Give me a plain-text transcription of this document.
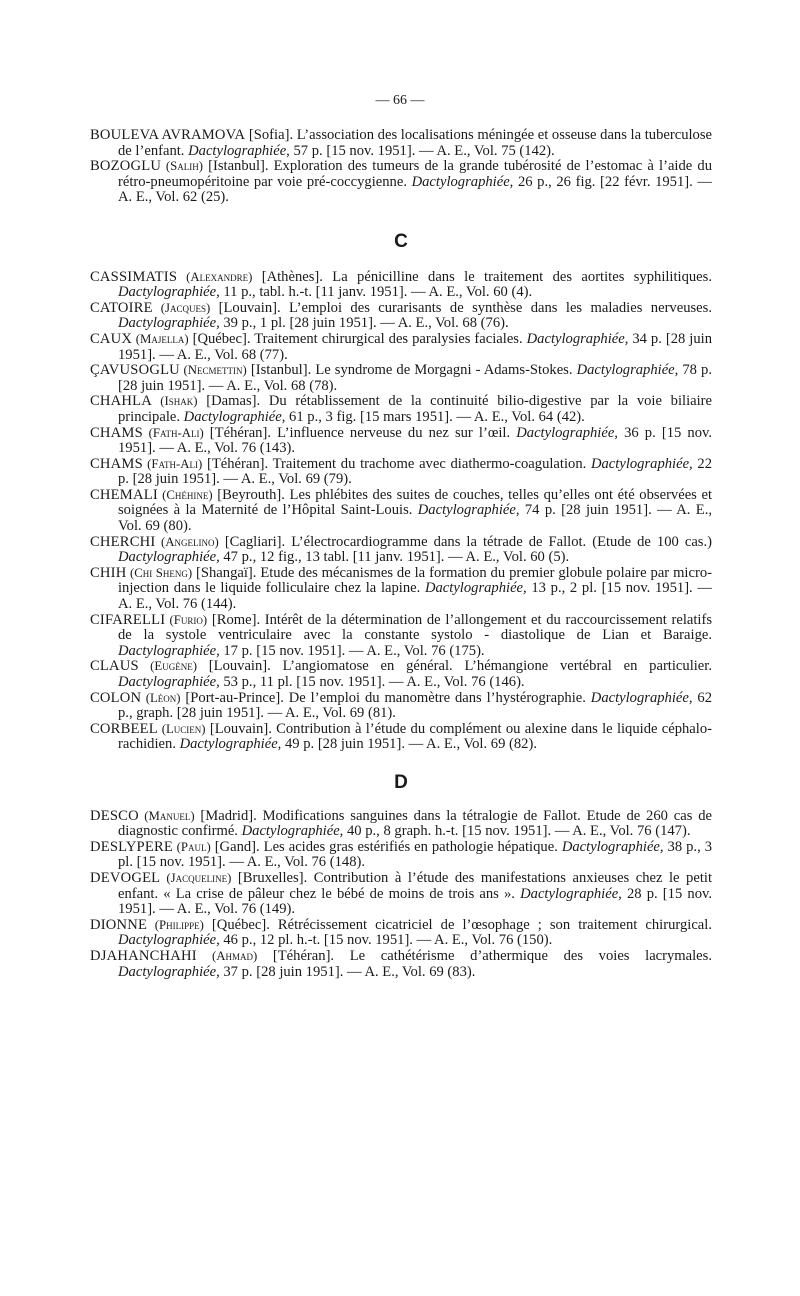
— 66 —

BOULEVA AVRAMOVA [Sofia]. L’association des localisations méningée et osseuse dans la tuberculose de l’enfant. Dactylographiée, 57 p. [15 nov. 1951]. — A. E., Vol. 75 (142).

BOZOGLU (Salih) [Istanbul]. Exploration des tumeurs de la grande tubérosité de l’estomac à l’aide du rétro-pneumopéritoine par voie pré-coccygienne. Dactylographiée, 26 p., 26 fig. [22 févr. 1951]. — A. E., Vol. 62 (25).

C

CASSIMATIS (Alexandre) [Athènes]. La pénicilline dans le traitement des aortites syphilitiques. Dactylographiée, 11 p., tabl. h.-t. [11 janv. 1951]. — A. E., Vol. 60 (4).

CATOIRE (Jacques) [Louvain]. L’emploi des curarisants de synthèse dans les maladies nerveuses. Dactylographiée, 39 p., 1 pl. [28 juin 1951]. — A. E., Vol. 68 (76).

CAUX (Majella) [Québec]. Traitement chirurgical des paralysies faciales. Dactylographiée, 34 p. [28 juin 1951]. — A. E., Vol. 68 (77).

ÇAVUSOGLU (Necmettin) [Istanbul]. Le syndrome de Morgagni - Adams-Stokes. Dactylographiée, 78 p. [28 juin 1951]. — A. E., Vol. 68 (78).

CHAHLA (Ishak) [Damas]. Du rétablissement de la continuité bilio-digestive par la voie biliaire principale. Dactylographiée, 61 p., 3 fig. [15 mars 1951]. — A. E., Vol. 64 (42).

CHAMS (Fath-Ali) [Téhéran]. L’influence nerveuse du nez sur l’œil. Dactylographiée, 36 p. [15 nov. 1951]. — A. E., Vol. 76 (143).

CHAMS (Fath-Ali) [Téhéran]. Traitement du trachome avec diathermo-coagulation. Dactylographiée, 22 p. [28 juin 1951]. — A. E., Vol. 69 (79).

CHEMALI (Chéhine) [Beyrouth]. Les phlébites des suites de couches, telles qu’elles ont été observées et soignées à la Maternité de l’Hôpital Saint-Louis. Dactylographiée, 74 p. [28 juin 1951]. — A. E., Vol. 69 (80).

CHERCHI (Angelino) [Cagliari]. L’électrocardiogramme dans la tétrade de Fallot. (Etude de 100 cas.) Dactylographiée, 47 p., 12 fig., 13 tabl. [11 janv. 1951]. — A. E., Vol. 60 (5).

CHIH (Chi Sheng) [Shangaï]. Etude des mécanismes de la formation du premier globule polaire par micro-injection dans le liquide folliculaire chez la lapine. Dactylographiée, 13 p., 2 pl. [15 nov. 1951]. — A. E., Vol. 76 (144).

CIFARELLI (Furio) [Rome]. Intérêt de la détermination de l’allongement et du raccourcissement relatifs de la systole ventriculaire avec la constante systolo - diastolique de Lian et Baraige. Dactylographiée, 17 p. [15 nov. 1951]. — A. E., Vol. 76 (175).

CLAUS (Eugène) [Louvain]. L’angiomatose en général. L’hémangione vertébral en particulier. Dactylographiée, 53 p., 11 pl. [15 nov. 1951]. — A. E., Vol. 76 (146).

COLON (Léon) [Port-au-Prince]. De l’emploi du manomètre dans l’hystérographie. Dactylographiée, 62 p., graph. [28 juin 1951]. — A. E., Vol. 69 (81).

CORBEEL (Lucien) [Louvain]. Contribution à l’étude du complément ou alexine dans le liquide céphalo-rachidien. Dactylographiée, 49 p. [28 juin 1951]. — A. E., Vol. 69 (82).

D

DESCO (Manuel) [Madrid]. Modifications sanguines dans la tétralogie de Fallot. Etude de 260 cas de diagnostic confirmé. Dactylographiée, 40 p., 8 graph. h.-t. [15 nov. 1951]. — A. E., Vol. 76 (147).

DESLYPERE (Paul) [Gand]. Les acides gras estérifiés en pathologie hépatique. Dactylographiée, 38 p., 3 pl. [15 nov. 1951]. — A. E., Vol. 76 (148).

DEVOGEL (Jacqueline) [Bruxelles]. Contribution à l’étude des manifestations anxieuses chez le petit enfant. « La crise de pâleur chez le bébé de moins de trois ans ». Dactylographiée, 28 p. [15 nov. 1951]. — A. E., Vol. 76 (149).

DIONNE (Philippe) [Québec]. Rétrécissement cicatriciel de l’œsophage ; son traitement chirurgical. Dactylographiée, 46 p., 12 pl. h.-t. [15 nov. 1951]. — A. E., Vol. 76 (150).

DJAHANCHAHI (Ahmad) [Téhéran]. Le cathétérisme d’athermique des voies lacrymales. Dactylographiée, 37 p. [28 juin 1951]. — A. E., Vol. 69 (83).
